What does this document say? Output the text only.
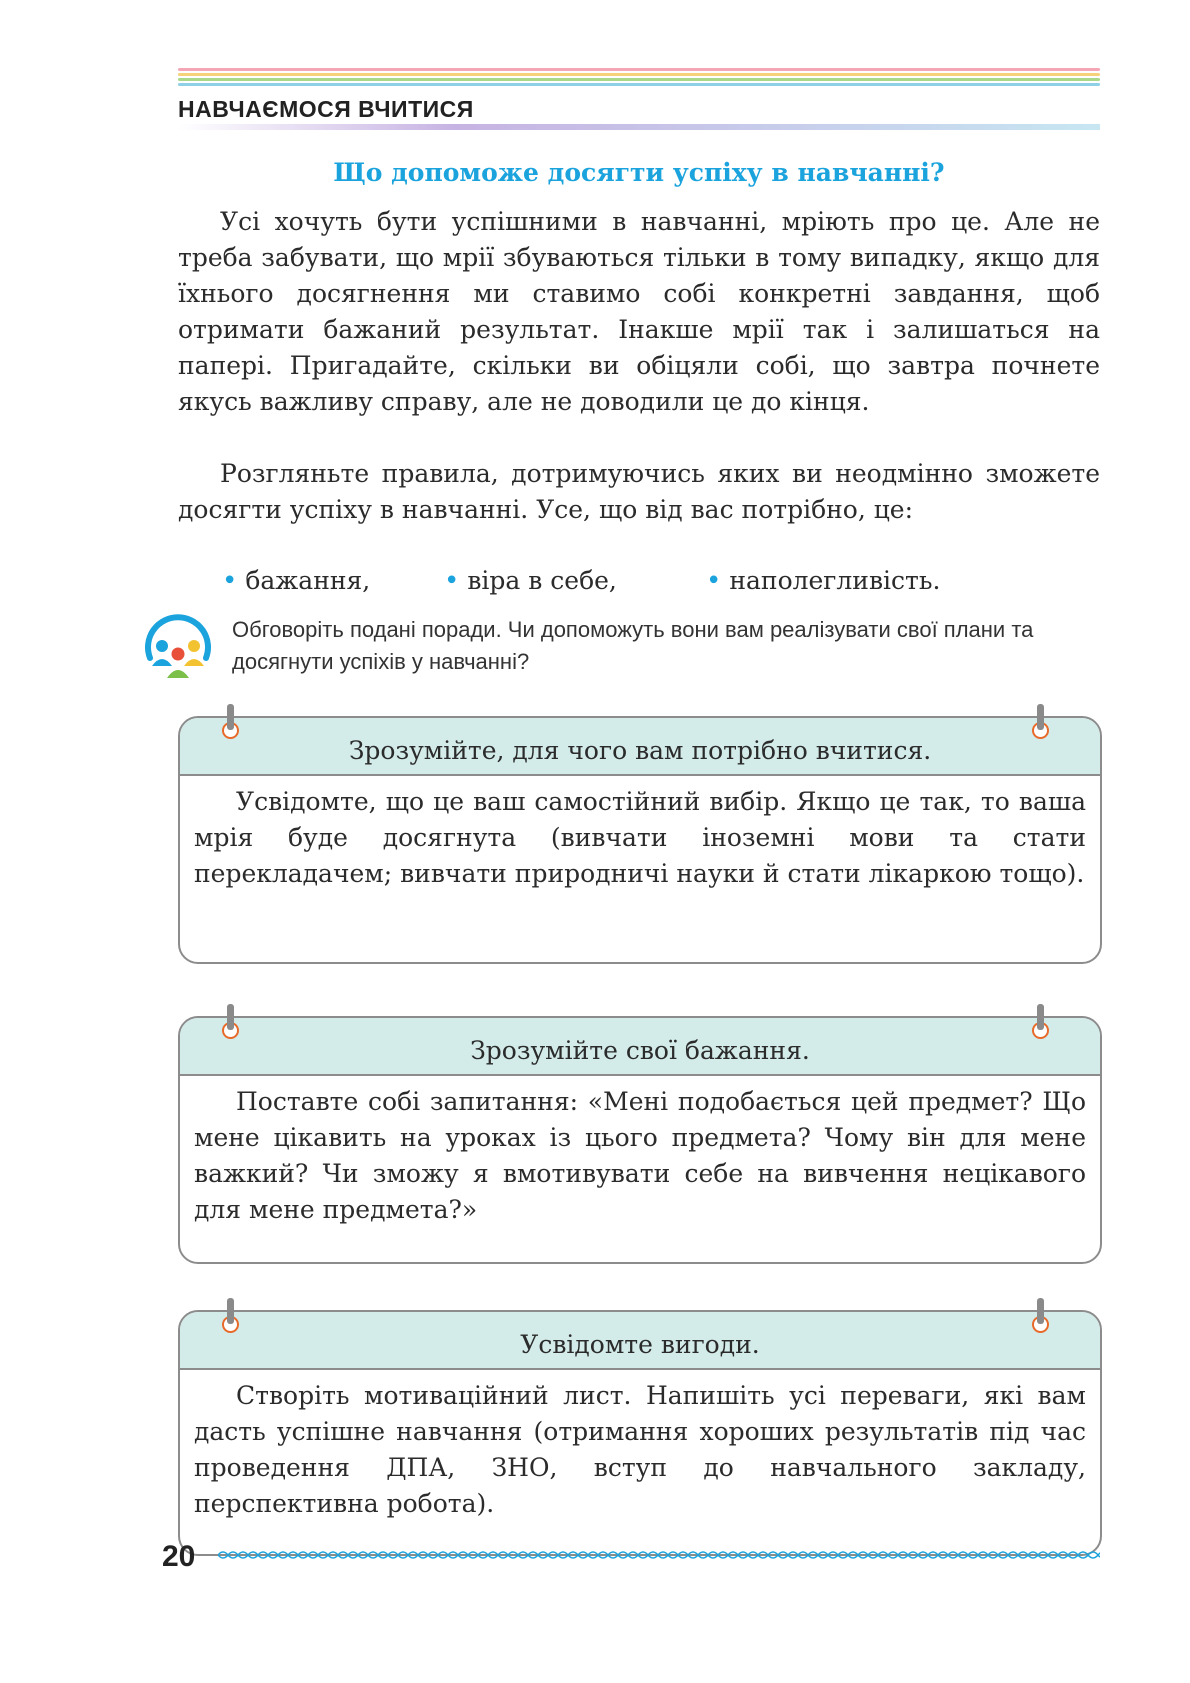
НАВЧАЄМОСЯ ВЧИТИСЯ
Що допоможе досягти успіху в навчанні?

Усі хочуть бути успішними в навчанні, мріють про це. Але не треба забувати, що мрії збуваються тільки в тому випадку, якщо для їхнього досягнення ми ставимо собі конкретні завдання, щоб отримати бажаний результат. Інакше мрії так і залишаться на папері. Пригадайте, скільки ви обіцяли собі, що завтра почнете якусь важливу справу, але не доводили це до кінця.

Розгляньте правила, дотримуючись яких ви неодмінно зможете досягти успіху в навчанні. Усе, що від вас потрібно, це:

• бажання,	• віра в себе,	• наполегливість.
Обговоріть подані поради. Чи допоможуть вони вам реалізувати свої плани та досягнути успіхів у навчанні?
Зрозумійте, для чого вам потрібно вчитися.

Усвідомте, що це ваш самостійний вибір. Якщо це так, то ваша мрія буде досягнута (вивчати іноземні мови та стати перекладачем; вивчати природничі науки й стати лікаркою тощо).

Зрозумійте свої бажання.

Поставте собі запитання: «Мені подобається цей предмет? Що мене цікавить на уроках із цього предмета? Чому він для мене важкий? Чи зможу я вмотивувати себе на вивчення нецікавого для мене предмета?»

Усвідомте вигоди.

Створіть мотиваційний лист. Напишіть усі переваги, які вам дасть успішне навчання (отримання хороших результатів під час проведення ДПА, ЗНО, вступ до навчального закладу, перспективна робота).

20
